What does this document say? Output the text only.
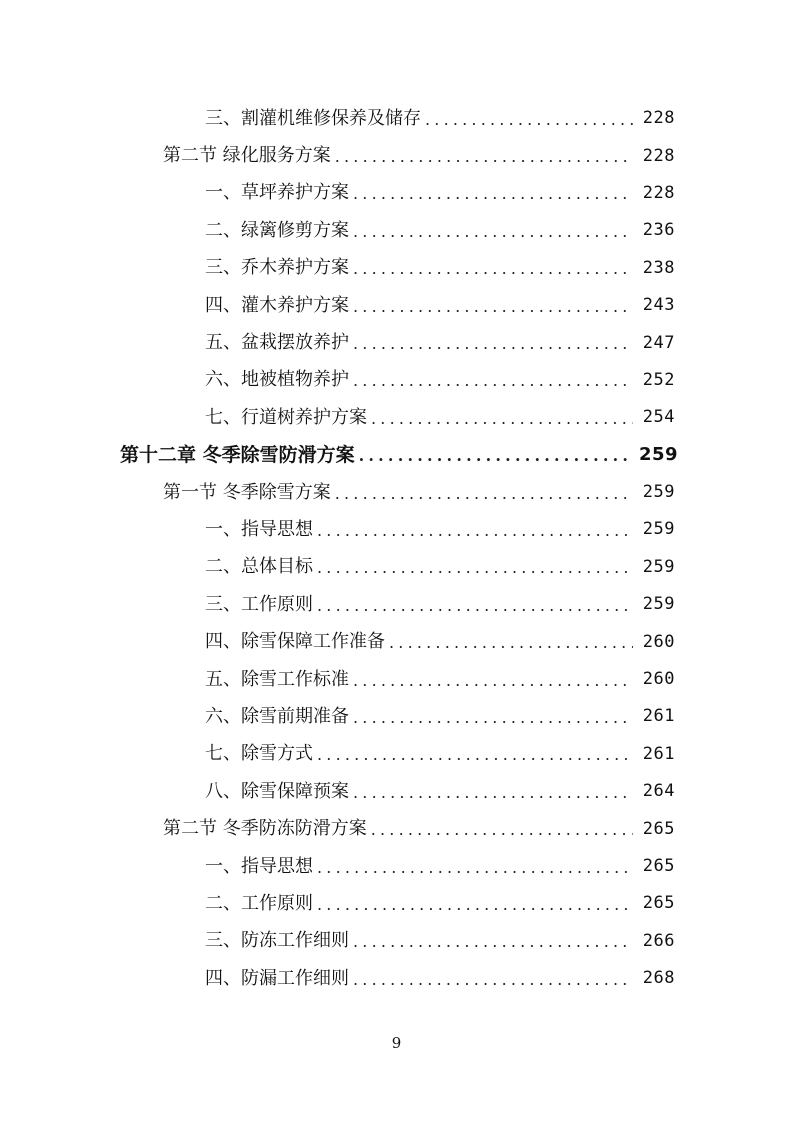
三、割灌机维修保养及储存 .....	228
第二节 绿化服务方案 .....	228
一、草坪养护方案 .....	228
二、绿篱修剪方案 .....	236
三、乔木养护方案 .....	238
四、灌木养护方案 .....	243
五、盆栽摆放养护 .....	247
六、地被植物养护 .....	252
七、行道树养护方案 .....	254
第十二章 冬季除雪防滑方案 .....	259
第一节 冬季除雪方案 .....	259
一、指导思想 .....	259
二、总体目标 .....	259
三、工作原则 .....	259
四、除雪保障工作准备 .....	260
五、除雪工作标准 .....	260
六、除雪前期准备 .....	261
七、除雪方式 .....	261
八、除雪保障预案 .....	264
第二节 冬季防冻防滑方案 .....	265
一、指导思想 .....	265
二、工作原则 .....	265
三、防冻工作细则 .....	266
四、防漏工作细则 .....	268
9
